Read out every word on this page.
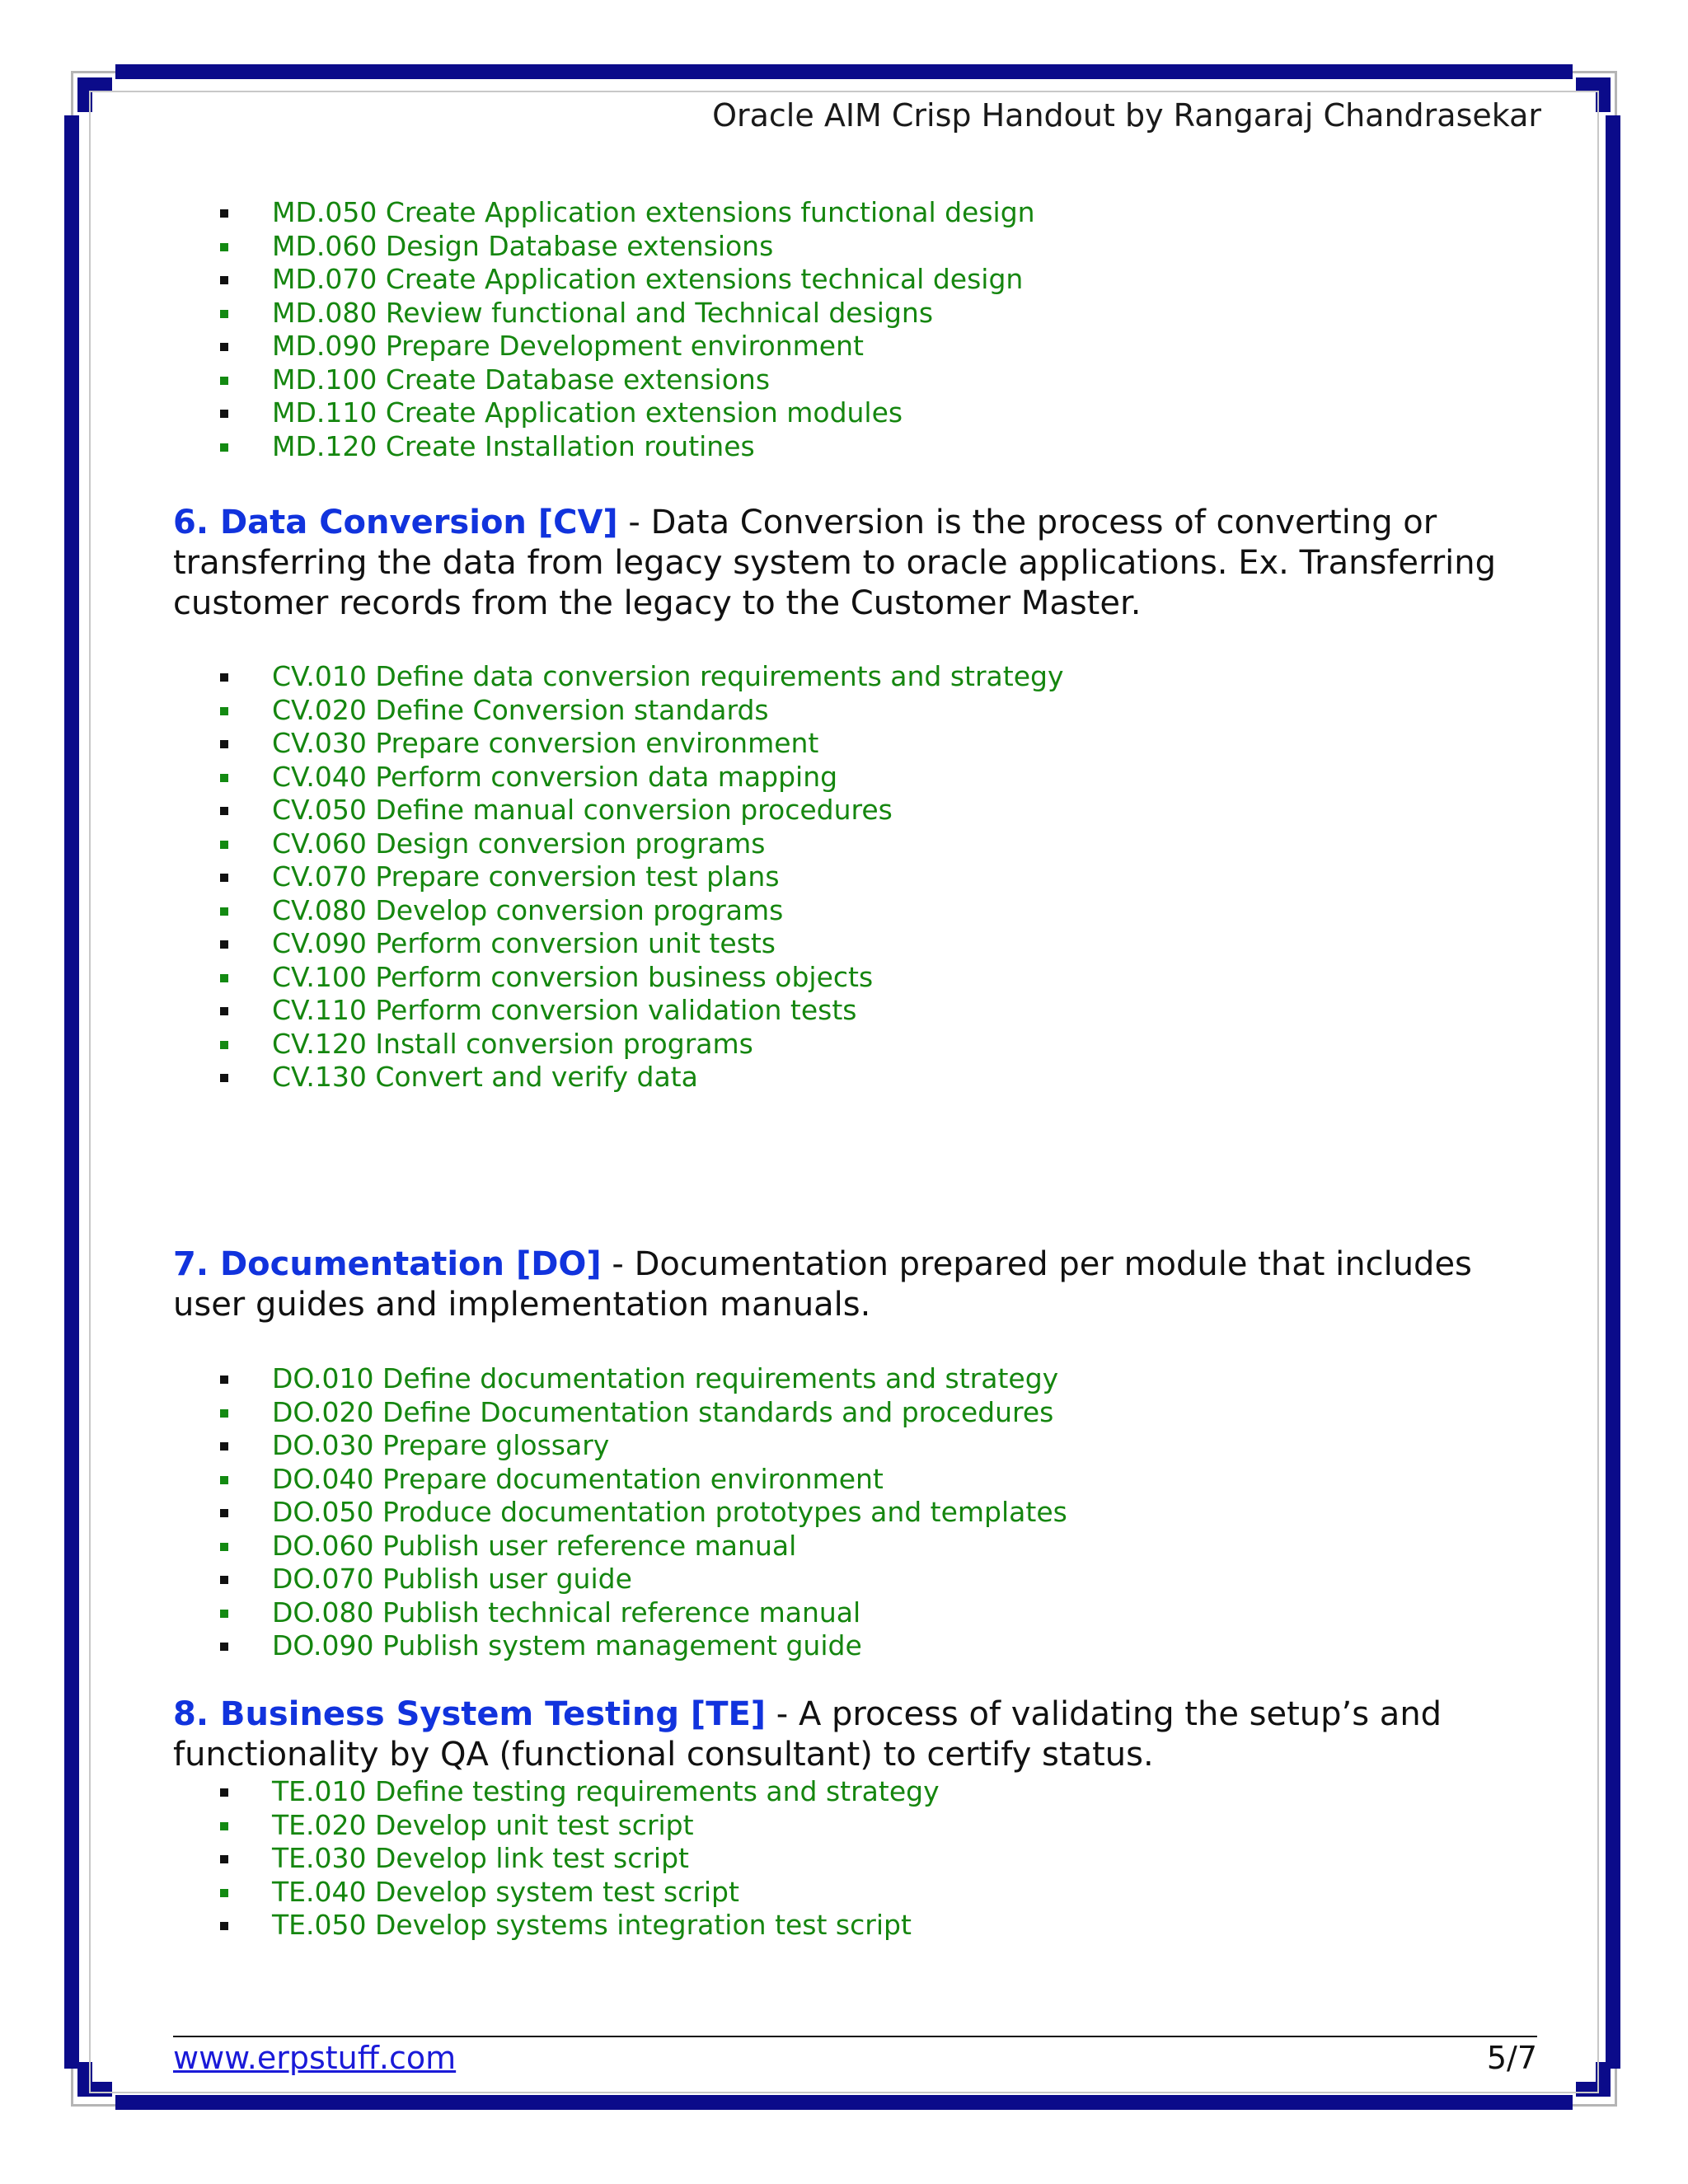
Oracle AIM Crisp Handout by Rangaraj Chandrasekar
MD.050 Create Application extensions functional design
MD.060 Design Database extensions
MD.070 Create Application extensions technical design
MD.080 Review functional and Technical designs
MD.090 Prepare Development environment
MD.100 Create Database extensions
MD.110 Create Application extension modules
MD.120 Create Installation routines
6. Data Conversion [CV] - Data Conversion is the process of converting or transferring the data from legacy system to oracle applications. Ex. Transferring customer records from the legacy to the Customer Master.
CV.010 Define data conversion requirements and strategy
CV.020 Define Conversion standards
CV.030 Prepare conversion environment
CV.040 Perform conversion data mapping
CV.050 Define manual conversion procedures
CV.060 Design conversion programs
CV.070 Prepare conversion test plans
CV.080 Develop conversion programs
CV.090 Perform conversion unit tests
CV.100 Perform conversion business objects
CV.110 Perform conversion validation tests
CV.120 Install conversion programs
CV.130 Convert and verify data
7. Documentation [DO] - Documentation prepared per module that includes user guides and implementation manuals.
DO.010 Define documentation requirements and strategy
DO.020 Define Documentation standards and procedures
DO.030 Prepare glossary
DO.040 Prepare documentation environment
DO.050 Produce documentation prototypes and templates
DO.060 Publish user reference manual
DO.070 Publish user guide
DO.080 Publish technical reference manual
DO.090 Publish system management guide
8. Business System Testing [TE] - A process of validating the setup’s and functionality by QA (functional consultant) to certify status.
TE.010 Define testing requirements and strategy
TE.020 Develop unit test script
TE.030 Develop link test script
TE.040 Develop system test script
TE.050 Develop systems integration test script
www.erpstuff.com	5/7
